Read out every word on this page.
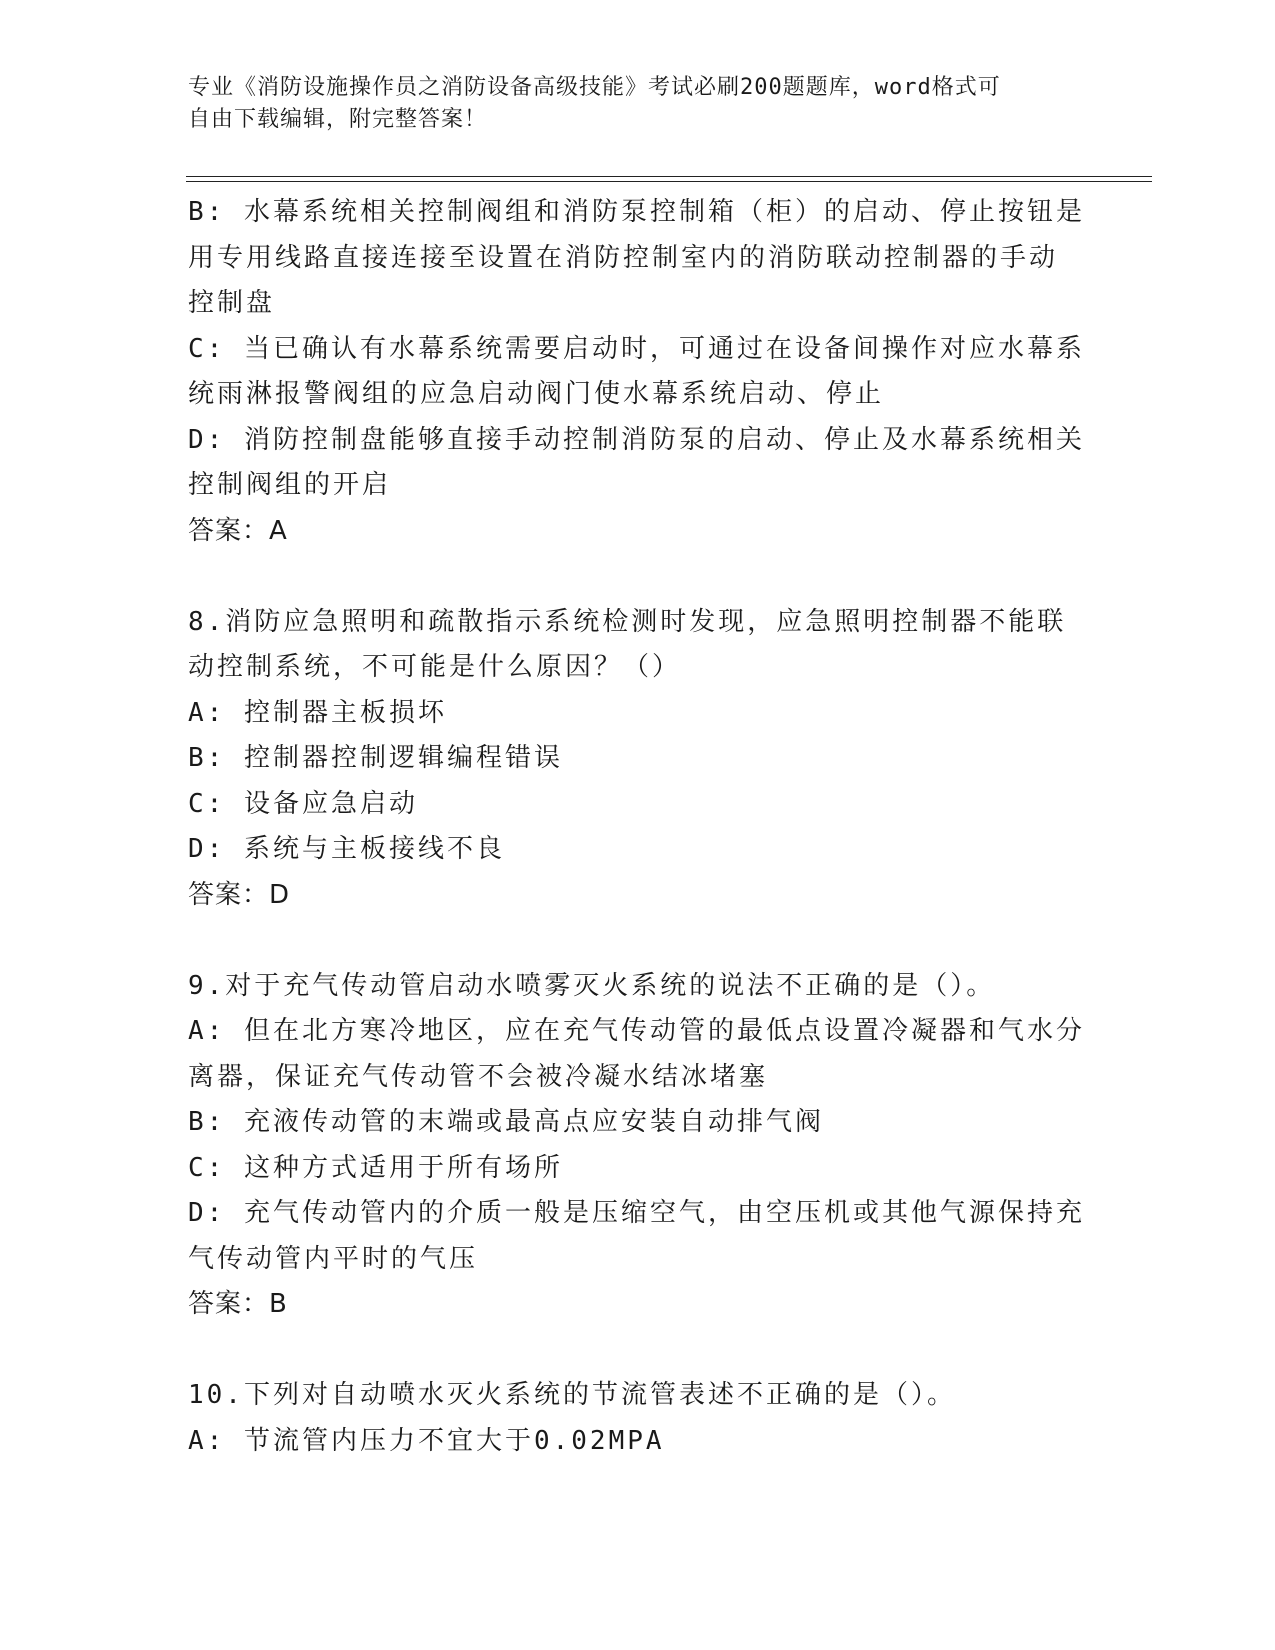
专业《消防设施操作员之消防设备高级技能》考试必刷200题题库，word格式可
自由下载编辑，附完整答案！
B: 水幕系统相关控制阀组和消防泵控制箱（柜）的启动、停止按钮是
用专用线路直接连接至设置在消防控制室内的消防联动控制器的手动
控制盘
C: 当已确认有水幕系统需要启动时，可通过在设备间操作对应水幕系
统雨淋报警阀组的应急启动阀门使水幕系统启动、停止
D: 消防控制盘能够直接手动控制消防泵的启动、停止及水幕系统相关
控制阀组的开启
答案：A
8.消防应急照明和疏散指示系统检测时发现，应急照明控制器不能联
动控制系统，不可能是什么原因？（）
A: 控制器主板损坏
B: 控制器控制逻辑编程错误
C: 设备应急启动
D: 系统与主板接线不良
答案：D
9.对于充气传动管启动水喷雾灭火系统的说法不正确的是（）。
A: 但在北方寒冷地区，应在充气传动管的最低点设置冷凝器和气水分
离器，保证充气传动管不会被冷凝水结冰堵塞
B: 充液传动管的末端或最高点应安装自动排气阀
C: 这种方式适用于所有场所
D: 充气传动管内的介质一般是压缩空气，由空压机或其他气源保持充
气传动管内平时的气压
答案：B
10.下列对自动喷水灭火系统的节流管表述不正确的是（）。
A: 节流管内压力不宜大于0.02MPA
